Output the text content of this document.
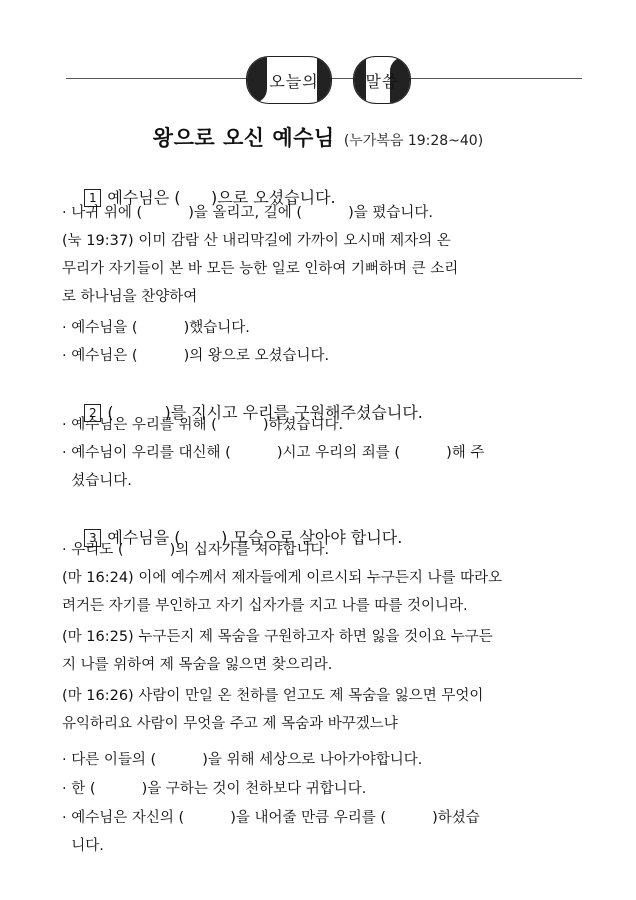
오늘의	말씀
왕으로 오신 예수님 (누가복음 19:28~40)

1 예수님은 (      )으로 오셨습니다.

· 나귀 위에 (          )을 올리고, 길에 (          )을 폈습니다.
(눅 19:37) 이미 감람 산 내리막길에 가까이 오시매 제자의 온
무리가 자기들이 본 바 모든 능한 일로 인하여 기뻐하며 큰 소리
로 하나님을 찬양하여
· 예수님을 (          )했습니다.
· 예수님은 (          )의 왕으로 오셨습니다.

2 (          )를 지시고 우리를 구원해주셨습니다.

· 예수님은 우리를 위해 (          )하셨습니다.
· 예수님이 우리를 대신해 (          )시고 우리의 죄를 (          )해 주
셨습니다.

3 예수님을 (        ) 모습으로 살아야 합니다.

· 우리도 (          )의 십자가를 져야합니다.
(마 16:24) 이에 예수께서 제자들에게 이르시되 누구든지 나를 따라오
려거든 자기를 부인하고 자기 십자가를 지고 나를 따를 것이니라.
(마 16:25) 누구든지 제 목숨을 구원하고자 하면 잃을 것이요 누구든
지 나를 위하여 제 목숨을 잃으면 찾으리라.
(마 16:26) 사람이 만일 온 천하를 얻고도 제 목숨을 잃으면 무엇이
유익하리요 사람이 무엇을 주고 제 목숨과 바꾸겠느냐
· 다른 이들의 (          )을 위해 세상으로 나아가야합니다.
· 한 (          )을 구하는 것이 천하보다 귀합니다.
· 예수님은 자신의 (          )을 내어줄 만큼 우리를 (          )하셨습
니다.
